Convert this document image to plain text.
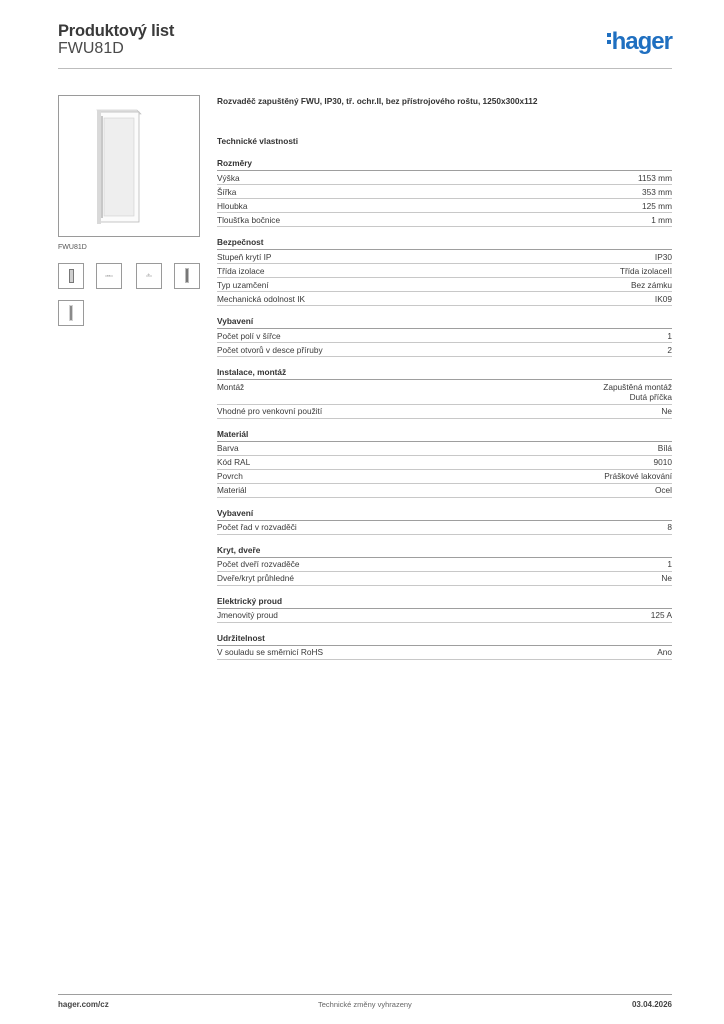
Produktový list
FWU81D	hager
FWU81D
↔	+
Rozvaděč zapuštěný FWU, IP30, tř. ochr.II, bez přístrojového roštu, 1250x300x112
Technické vlastnosti
Rozměry
Výška	1153 mm
Šířka	353 mm
Hloubka	125 mm
Tloušťka bočnice	1 mm
Bezpečnost
Stupeň krytí IP	IP30
Třída izolace	Třída izolaceII
Typ uzamčení	Bez zámku
Mechanická odolnost IK	IK09
Vybavení
Počet polí v šířce	1
Počet otvorů v desce příruby	2
Instalace, montáž
Montáž	Zapuštěná montáž
Dutá příčka
Vhodné pro venkovní použití	Ne
Materiál
Barva	Bílá
Kód RAL	9010
Povrch	Práškové lakování
Materiál	Ocel
Vybavení
Počet řad v rozvaděči	8
Kryt, dveře
Počet dveří rozvaděče	1
Dveře/kryt průhledné	Ne
Elektrický proud
Jmenovitý proud	125 A
Udržitelnost
V souladu se směrnicí RoHS	Ano
hager.com/cz	Technické změny vyhrazeny	03.04.2026
